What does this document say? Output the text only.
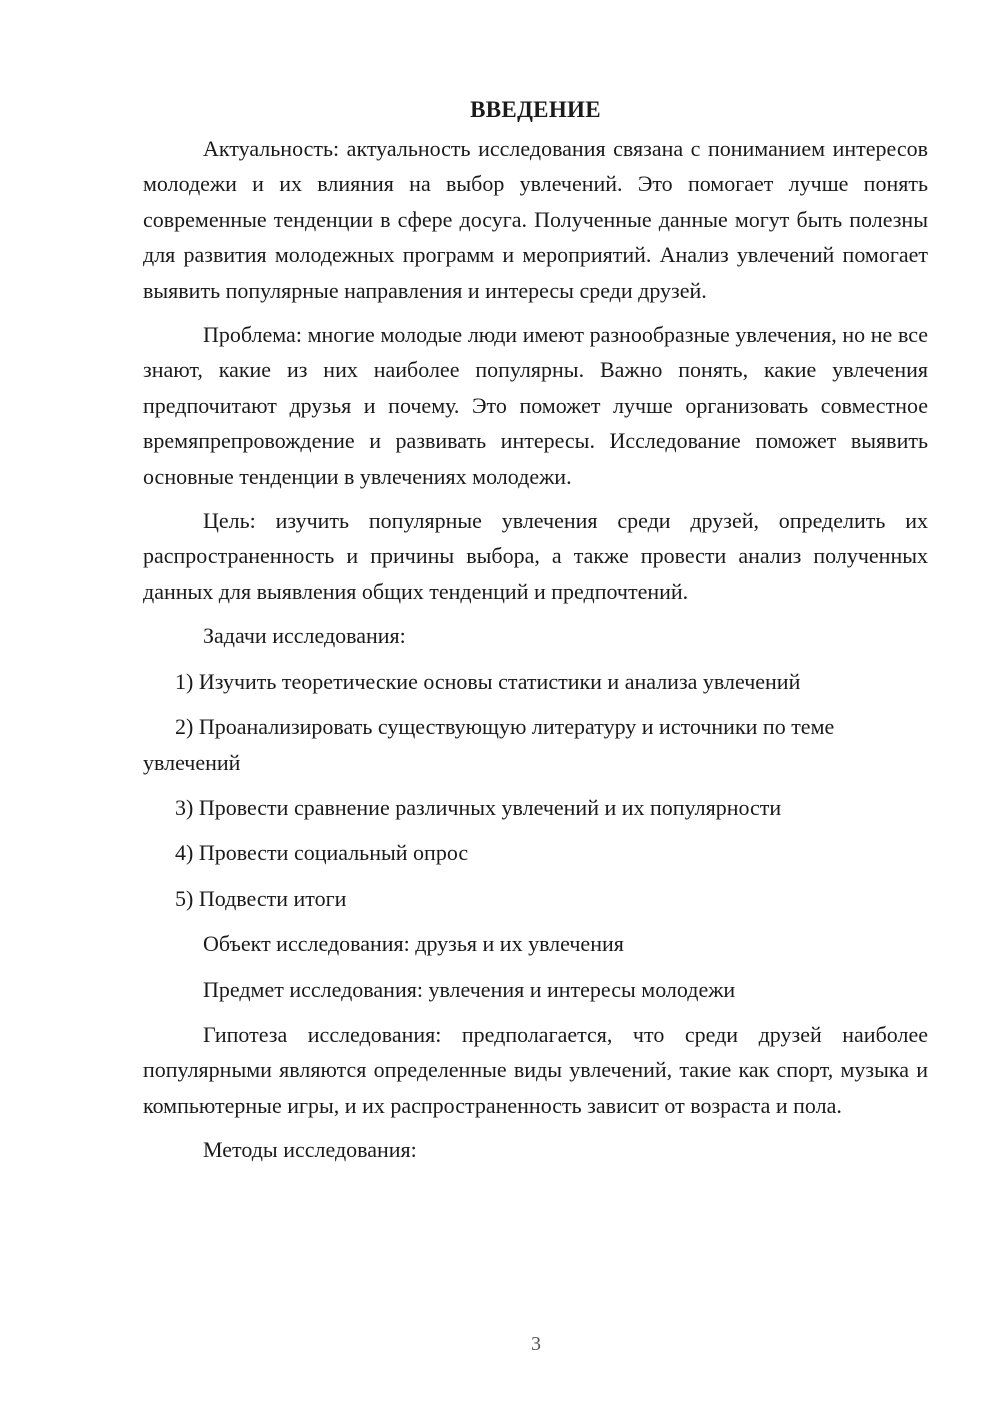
ВВЕДЕНИЕ

Актуальность: актуальность исследования связана с пониманием интересов молодежи и их влияния на выбор увлечений. Это помогает лучше понять современные тенденции в сфере досуга. Полученные данные могут быть полезны для развития молодежных программ и мероприятий. Анализ увлечений помогает выявить популярные направления и интересы среди друзей.

Проблема: многие молодые люди имеют разнообразные увлечения, но не все знают, какие из них наиболее популярны. Важно понять, какие увлечения предпочитают друзья и почему. Это поможет лучше организовать совместное времяпрепровождение и развивать интересы. Исследование поможет выявить основные тенденции в увлечениях молодежи.

Цель: изучить популярные увлечения среди друзей, определить их распространенность и причины выбора, а также провести анализ полученных данных для выявления общих тенденций и предпочтений.

Задачи исследования:

1) Изучить теоретические основы статистики и анализа увлечений

2) Проанализировать существующую литературу и источники по теме увлечений

3) Провести сравнение различных увлечений и их популярности

4) Провести социальный опрос

5) Подвести итоги

Объект исследования: друзья и их увлечения

Предмет исследования: увлечения и интересы молодежи

Гипотеза исследования: предполагается, что среди друзей наиболее популярными являются определенные виды увлечений, такие как спорт, музыка и компьютерные игры, и их распространенность зависит от возраста и пола.

Методы исследования:

3
